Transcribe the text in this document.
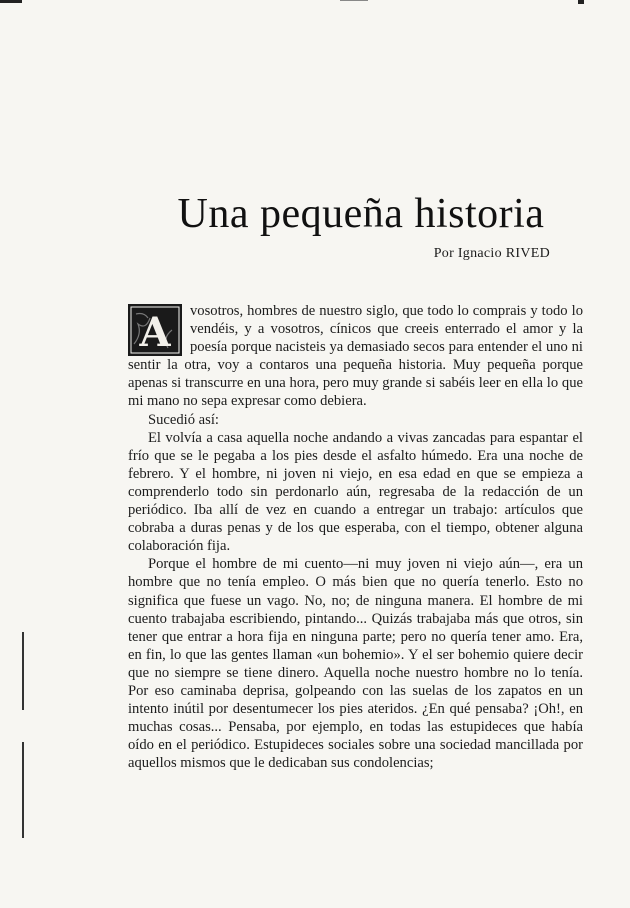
Una pequeña historia
Por Ignacio RIVED
A	vosotros, hombres de nuestro siglo, que todo lo comprais y todo lo vendéis, y a vosotros, cínicos que creeis enterrado el amor y la poesía porque nacisteis ya demasiado secos para entender el uno ni sentir la otra, voy a contaros una pequeña historia. Muy pequeña porque apenas si transcurre en una hora, pero muy grande si sabéis leer en ella lo que mi mano no sepa expresar como debiera.

Sucedió así:

El volvía a casa aquella noche andando a vivas zancadas para espantar el frío que se le pegaba a los pies desde el asfalto húmedo. Era una noche de febrero. Y el hombre, ni joven ni viejo, en esa edad en que se empieza a comprenderlo todo sin perdonarlo aún, regresaba de la redacción de un periódico. Iba allí de vez en cuando a entregar un trabajo: artículos que cobraba a duras penas y de los que esperaba, con el tiempo, obtener alguna colaboración fija.

Porque el hombre de mi cuento—ni muy joven ni viejo aún—, era un hombre que no tenía empleo. O más bien que no quería tenerlo. Esto no significa que fuese un vago. No, no; de ninguna manera. El hombre de mi cuento trabajaba escribiendo, pintando... Quizás trabajaba más que otros, sin tener que entrar a hora fija en ninguna parte; pero no quería tener amo. Era, en fin, lo que las gentes llaman «un bohemio». Y el ser bohemio quiere decir que no siempre se tiene dinero. Aquella noche nuestro hombre no lo tenía. Por eso caminaba deprisa, golpeando con las suelas de los zapatos en un intento inútil por desentumecer los pies ateridos. ¿En qué pensaba? ¡Oh!, en muchas cosas... Pensaba, por ejemplo, en todas las estupideces que había oído en el periódico. Estupideces sociales sobre una sociedad mancillada por aquellos mismos que le dedicaban sus condolencias;
